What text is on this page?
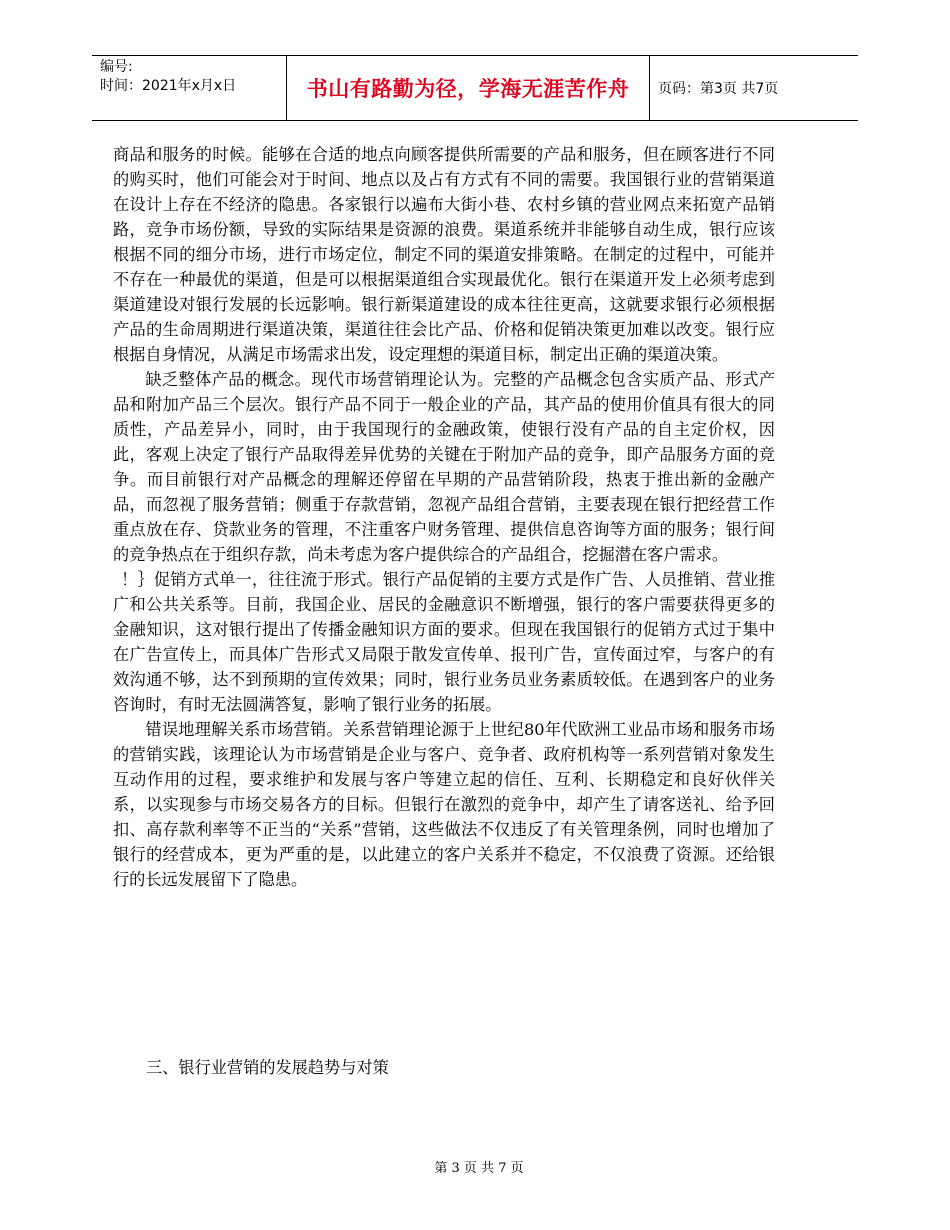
编号:
时间：2021年x月x日	书山有路勤为径，学海无涯苦作舟	页码：第3页 共7页

商品和服务的时候。能够在合适的地点向顾客提供所需要的产品和服务，但在顾客进行不同的购买时，他们可能会对于时间、地点以及占有方式有不同的需要。我国银行业的营销渠道在设计上存在不经济的隐患。各家银行以遍布大街小巷、农村乡镇的营业网点来拓宽产品销路，竞争市场份额，导致的实际结果是资源的浪费。渠道系统并非能够自动生成，银行应该根据不同的细分市场，进行市场定位，制定不同的渠道安排策略。在制定的过程中，可能并不存在一种最优的渠道，但是可以根据渠道组合实现最优化。银行在渠道开发上必须考虑到渠道建设对银行发展的长远影响。银行新渠道建设的成本往往更高，这就要求银行必须根据产品的生命周期进行渠道决策，渠道往往会比产品、价格和促销决策更加难以改变。银行应根据自身情况，从满足市场需求出发，设定理想的渠道目标，制定出正确的渠道决策。

缺乏整体产品的概念。现代市场营销理论认为。完整的产品概念包含实质产品、形式产品和附加产品三个层次。银行产品不同于一般企业的产品，其产品的使用价值具有很大的同质性，产品差异小，同时，由于我国现行的金融政策，使银行没有产品的自主定价权，因此，客观上决定了银行产品取得差异优势的关键在于附加产品的竞争，即产品服务方面的竞争。而目前银行对产品概念的理解还停留在早期的产品营销阶段，热衷于推出新的金融产品，而忽视了服务营销；侧重于存款营销，忽视产品组合营销，主要表现在银行把经营工作重点放在存、贷款业务的管理，不注重客户财务管理、提供信息咨询等方面的服务；银行间的竞争热点在于组织存款，尚未考虑为客户提供综合的产品组合，挖掘潜在客户需求。

！｝促销方式单一，往往流于形式。银行产品促销的主要方式是作广告、人员推销、营业推广和公共关系等。目前，我国企业、居民的金融意识不断增强，银行的客户需要获得更多的金融知识，这对银行提出了传播金融知识方面的要求。但现在我国银行的促销方式过于集中在广告宣传上，而具体广告形式又局限于散发宣传单、报刊广告，宣传面过窄，与客户的有效沟通不够，达不到预期的宣传效果；同时，银行业务员业务素质较低。在遇到客户的业务咨询时，有时无法圆满答复，影响了银行业务的拓展。

错误地理解关系市场营销。关系营销理论源于上世纪80年代欧洲工业品市场和服务市场的营销实践，该理论认为市场营销是企业与客户、竞争者、政府机构等一系列营销对象发生互动作用的过程，要求维护和发展与客户等建立起的信任、互利、长期稳定和良好伙伴关系，以实现参与市场交易各方的目标。但银行在激烈的竞争中，却产生了请客送礼、给予回扣、高存款利率等不正当的“关系”营销，这些做法不仅违反了有关管理条例，同时也增加了银行的经营成本，更为严重的是，以此建立的客户关系并不稳定，不仅浪费了资源。还给银行的长远发展留下了隐患。

三、银行业营销的发展趋势与对策

第 3 页 共 7 页
